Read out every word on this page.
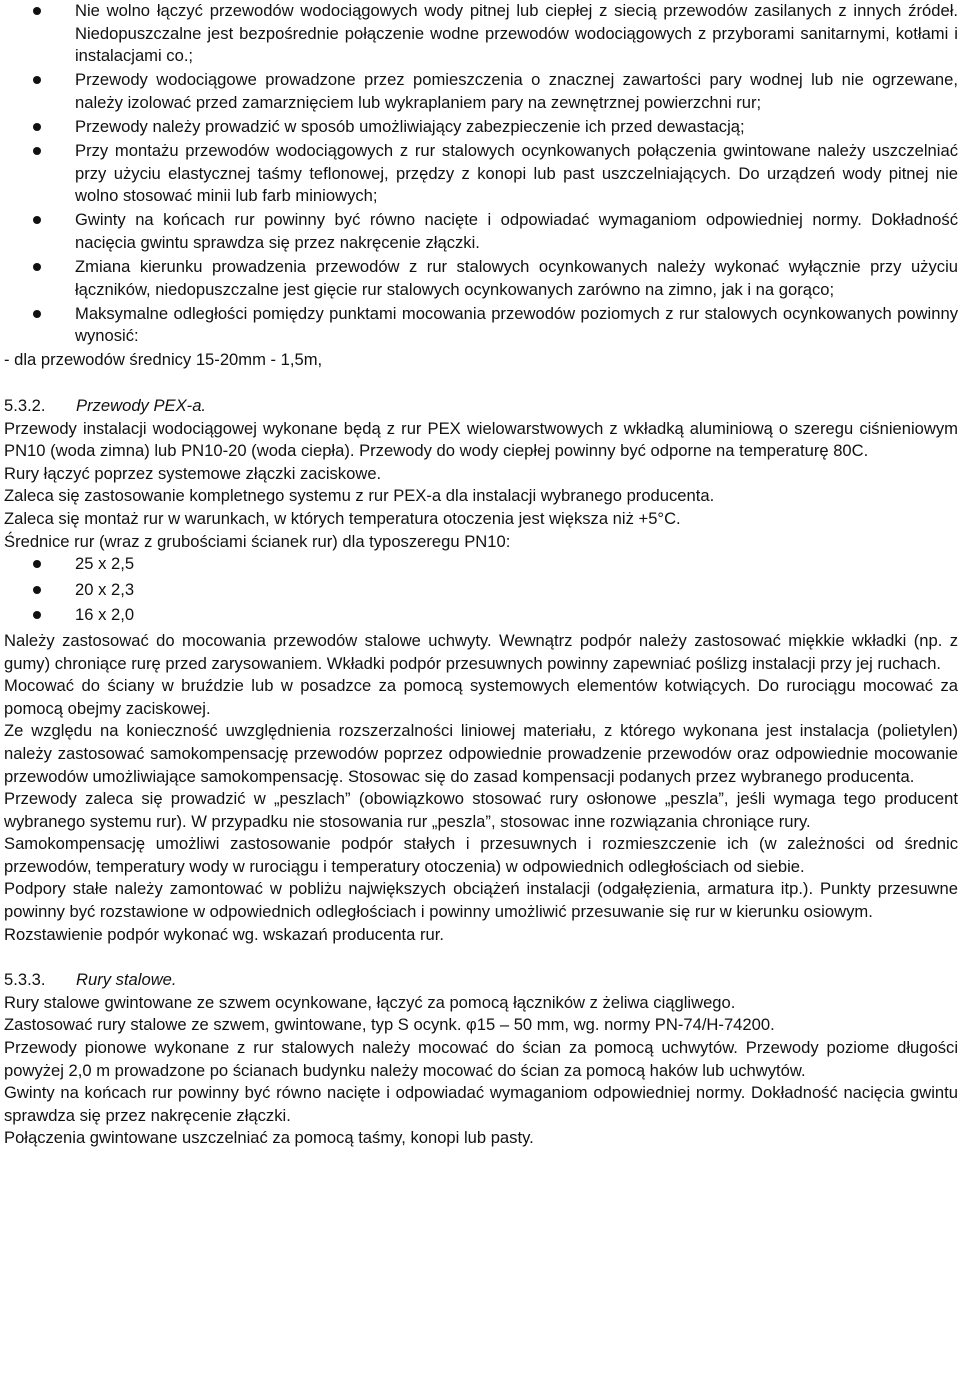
Nie wolno łączyć przewodów wodociągowych wody pitnej lub ciepłej z siecią przewodów zasilanych z innych źródeł. Niedopuszczalne jest bezpośrednie połączenie wodne przewodów wodociągowych z przyborami sanitarnymi, kotłami i instalacjami co.;
Przewody wodociągowe prowadzone przez pomieszczenia o znacznej zawartości pary wodnej lub nie ogrzewane, należy izolować przed zamarznięciem lub wykraplaniem pary na zewnętrznej powierzchni rur;
Przewody należy prowadzić w sposób umożliwiający zabezpieczenie ich przed dewastacją;
Przy montażu przewodów wodociągowych z rur stalowych ocynkowanych połączenia gwintowane należy uszczelniać przy użyciu elastycznej taśmy teflonowej, przędzy z konopi lub past uszczelniających. Do urządzeń wody pitnej nie wolno stosować minii lub farb miniowych;
Gwinty na końcach rur powinny być równo nacięte i odpowiadać wymaganiom odpowiedniej normy. Dokładność nacięcia gwintu sprawdza się przez nakręcenie złączki.
Zmiana kierunku prowadzenia przewodów z rur stalowych ocynkowanych należy wykonać wyłącznie przy użyciu łączników, niedopuszczalne jest gięcie rur stalowych ocynkowanych zarówno na zimno, jak i na gorąco;
Maksymalne odległości pomiędzy punktami mocowania przewodów poziomych z rur stalowych ocynkowanych powinny wynosić:

- dla przewodów średnicy 15-20mm - 1,5m,

5.3.2. Przewody PEX-a.

Przewody instalacji wodociągowej wykonane będą z rur PEX wielowarstwowych z wkładką aluminiową o szeregu ciśnieniowym PN10 (woda zimna) lub PN10-20 (woda ciepła). Przewody do wody ciepłej powinny być odporne na temperaturę 80C.

Rury łączyć poprzez systemowe złączki zaciskowe.

Zaleca się zastosowanie kompletnego systemu z rur PEX-a dla instalacji wybranego producenta.

Zaleca się montaż rur w warunkach, w których temperatura otoczenia jest większa niż +5°C.

Średnice rur (wraz z grubościami ścianek rur) dla typoszeregu PN10:

25 x 2,5
20 x 2,3
16 x 2,0

Należy zastosować do mocowania przewodów stalowe uchwyty. Wewnątrz podpór należy zastosować miękkie wkładki (np. z gumy) chroniące rurę przed zarysowaniem. Wkładki podpór przesuwnych powinny zapewniać poślizg instalacji przy jej ruchach.

Mocować do ściany w bruździe lub w posadzce za pomocą systemowych elementów kotwiących. Do rurociągu mocować za pomocą obejmy zaciskowej.

Ze względu na konieczność uwzględnienia rozszerzalności liniowej materiału, z którego wykonana jest instalacja (polietylen) należy zastosować samokompensację przewodów poprzez odpowiednie prowadzenie przewodów oraz odpowiednie mocowanie przewodów umożliwiające samokompensację. Stosowac się do zasad kompensacji podanych przez wybranego producenta.

Przewody zaleca się prowadzić w „peszlach” (obowiązkowo stosować rury osłonowe „peszla”, jeśli wymaga tego producent wybranego systemu rur). W przypadku nie stosowania rur „peszla”, stosowac inne rozwiązania chroniące rury.

Samokompensację umożliwi zastosowanie podpór stałych i przesuwnych i rozmieszczenie ich (w zależności od średnic przewodów, temperatury wody w rurociągu i temperatury otoczenia) w odpowiednich odległościach od siebie.

Podpory stałe należy zamontować w pobliżu największych obciążeń instalacji (odgałęzienia, armatura itp.). Punkty przesuwne powinny być rozstawione w odpowiednich odległościach i powinny umożliwić przesuwanie się rur w kierunku osiowym.

Rozstawienie podpór wykonać wg. wskazań producenta rur.

5.3.3. Rury stalowe.

Rury stalowe gwintowane ze szwem ocynkowane, łączyć za pomocą łączników z żeliwa ciągliwego.

Zastosować rury stalowe ze szwem, gwintowane, typ S ocynk. φ15 – 50 mm, wg. normy PN-74/H-74200.

Przewody pionowe wykonane z rur stalowych należy mocować do ścian za pomocą uchwytów. Przewody poziome długości powyżej 2,0 m prowadzone po ścianach budynku należy mocować do ścian za pomocą haków lub uchwytów.

Gwinty na końcach rur powinny być równo nacięte i odpowiadać wymaganiom odpowiedniej normy. Dokładność nacięcia gwintu sprawdza się przez nakręcenie złączki.

Połączenia gwintowane uszczelniać za pomocą taśmy, konopi lub pasty.
